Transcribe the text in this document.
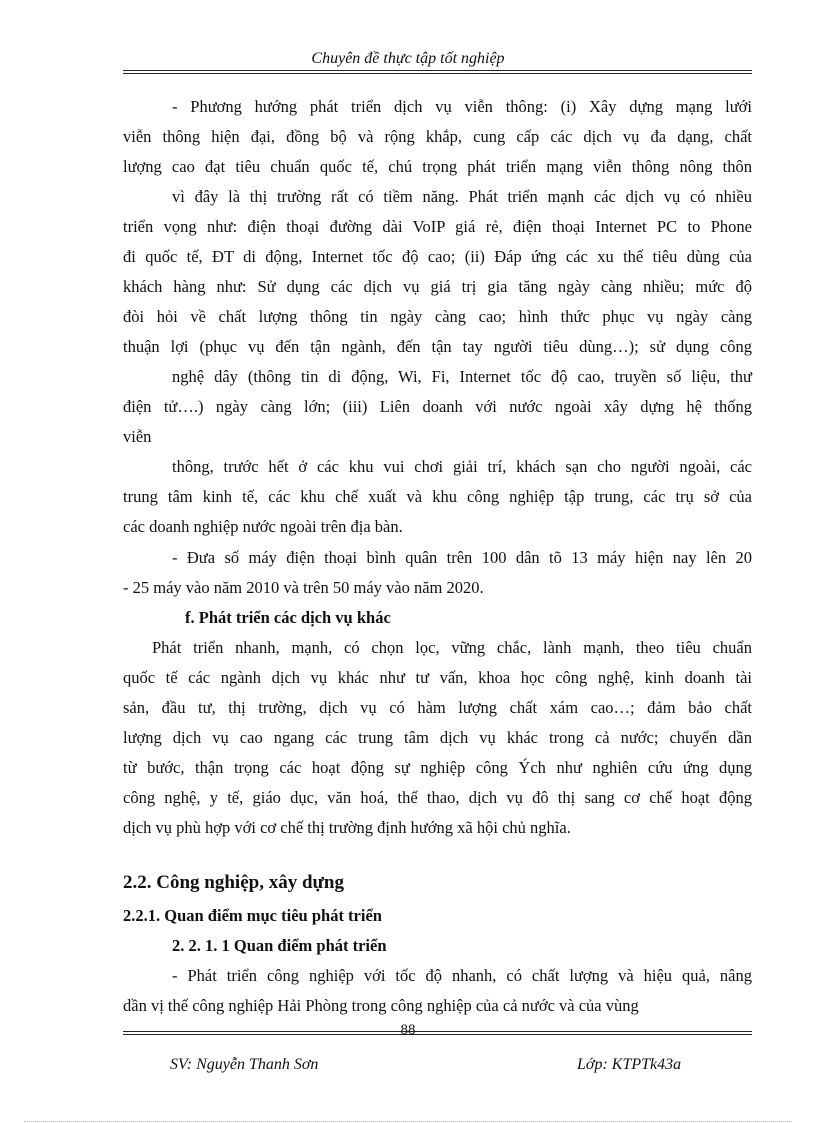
Chuyên đề thực tập tốt nghiệp
- Phương hướng phát triển dịch vụ viễn thông: (i) Xây dựng mạng lưới
viễn thông hiện đại, đồng bộ và rộng khắp, cung cấp các dịch vụ đa dạng, chất
lượng cao đạt tiêu chuẩn quốc tế, chú trọng phát triển mạng viễn thông nông thôn
vì đây là thị trường rất có tiềm năng. Phát triển mạnh các dịch vụ có nhiều
triển vọng như: điện thoại đường dài VoIP giá rẻ, điện thoại Internet PC to Phone
đi quốc tế, ĐT di động, Internet tốc độ cao; (ii) Đáp ứng các xu thế tiêu dùng của
khách hàng như: Sử dụng các dịch vụ giá trị gia tăng ngày càng nhiều; mức độ
đòi hỏi về chất lượng thông tin ngày càng cao; hình thức phục vụ ngày càng
thuận lợi (phục vụ đến tận ngành, đến tận tay người tiêu dùng…); sử dụng công
nghệ dây (thông tin di động, Wi, Fi, Internet tốc độ cao, truyền số liệu, thư
điện tử….) ngày càng lớn; (iii) Liên doanh với nước ngoài xây dựng hệ thống
viễn
thông, trước hết ở các khu vui chơi giải trí, khách sạn cho người ngoài, các
trung tâm kinh tế, các khu chế xuất và khu công nghiệp tập trung, các trụ sở của
các doanh nghiệp nước ngoài trên địa bàn.
- Đưa số máy điện thoại bình quân trên 100 dân tõ 13 máy hiện nay lên 20
- 25 máy vào năm 2010 và trên 50 máy vào năm 2020.
f. Phát triển các dịch vụ khác
Phát triển nhanh, mạnh, có chọn lọc, vững chắc, lành mạnh, theo tiêu chuẩn
quốc tế các ngành dịch vụ khác như tư vấn, khoa học công nghệ, kinh doanh tài
sản, đầu tư, thị trường, dịch vụ có hàm lượng chất xám cao…; đảm bảo chất
lượng dịch vụ cao ngang các trung tâm dịch vụ khác trong cả nước; chuyển dần
từ bước, thận trọng các hoạt động sự nghiệp công Ých như nghiên cứu ứng dụng
công nghệ, y tế, giáo dục, văn hoá, thể thao, dịch vụ đô thị sang cơ chế hoạt động
dịch vụ phù hợp với cơ chế thị trường định hướng xã hội chủ nghĩa.
2.2. Công nghiệp, xây dựng
2.2.1. Quan điểm mục tiêu phát triển
2. 2. 1. 1 Quan điểm phát triển
- Phát triển công nghiệp với tốc độ nhanh, có chất lượng và hiệu quả, nâng
dần vị thế công nghiệp Hải Phòng trong công nghiệp của cả nước và của vùng
88
SV: Nguyễn Thanh Sơn	Lớp: KTPTk43a
